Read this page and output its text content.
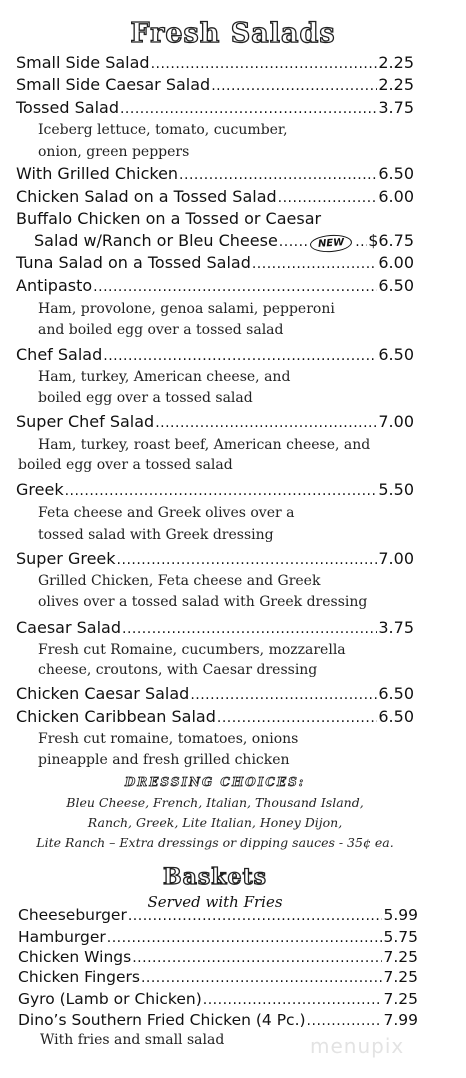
Fresh Salads
Small Side Salad .....	2.25
Small Side Caesar Salad .....	2.25
Tossed Salad .....	3.75
Iceberg lettuce, tomato, cucumber,
onion, green peppers
With Grilled Chicken .....	6.50
Chicken Salad on a Tossed Salad .....	6.00
Buffalo Chicken on a Tossed or Caesar
Salad w/Ranch or Bleu Cheese .....	NEW .....	$6.75
Tuna Salad on a Tossed Salad .....	6.00
Antipasto .....	6.50
Ham, provolone, genoa salami, pepperoni
and boiled egg over a tossed salad
Chef Salad .....	6.50
Ham, turkey, American cheese, and
boiled egg over a tossed salad
Super Chef Salad .....	7.00
Ham, turkey, roast beef, American cheese, and
boiled egg over a tossed salad
Greek .....	5.50
Feta cheese and Greek olives over a
tossed salad with Greek dressing
Super Greek .....	7.00
Grilled Chicken, Feta cheese and Greek
olives over a tossed salad with Greek dressing
Caesar Salad .....	3.75
Fresh cut Romaine, cucumbers, mozzarella
cheese, croutons, with Caesar dressing
Chicken Caesar Salad .....	6.50
Chicken Caribbean Salad .....	6.50
Fresh cut romaine, tomatoes, onions
pineapple and fresh grilled chicken
DRESSING CHOICES:
Bleu Cheese, French, Italian, Thousand Island,
Ranch, Greek, Lite Italian, Honey Dijon,
Lite Ranch – Extra dressings or dipping sauces - 35¢ ea.
Baskets
Served with Fries
Cheeseburger .....	5.99
Hamburger .....	5.75
Chicken Wings .....	7.25
Chicken Fingers .....	7.25
Gyro (Lamb or Chicken) .....	7.25
Dino’s Southern Fried Chicken (4 Pc.) .....	7.99
With fries and small salad	menupix
